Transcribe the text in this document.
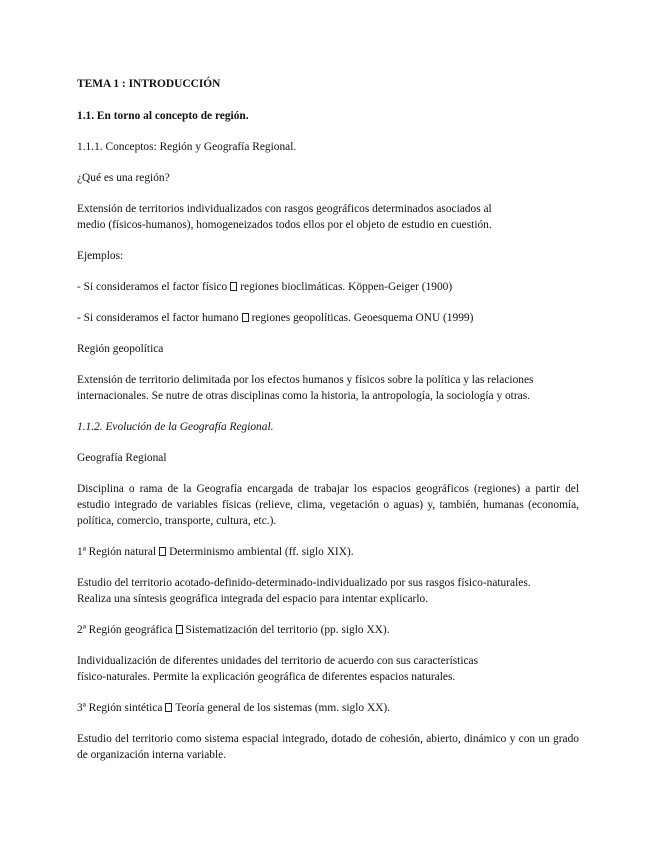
TEMA 1 : INTRODUCCIÓN

1.1. En torno al concepto de región.

1.1.1. Conceptos: Región y Geografía Regional.

¿Qué es una región?

Extensión de territorios individualizados con rasgos geográficos determinados asociados al
medio (físicos-humanos), homogeneizados todos ellos por el objeto de estudio en cuestión.

Ejemplos:

- Si consideramos el factor físico regiones bioclimáticas. Köppen-Geiger (1900)

- Si consideramos el factor humano regiones geopolíticas. Geoesquema ONU (1999)

Región geopolítica

Extensión de territorio delimitada por los efectos humanos y físicos sobre la política y las relaciones
internacionales. Se nutre de otras disciplinas como la historia, la antropología, la sociología y otras.

1.1.2. Evolución de la Geografía Regional.

Geografía Regional

Disciplina o rama de la Geografía encargada de trabajar los espacios geográficos (regiones) a partir del estudio integrado de variables físicas (relieve, clima, vegetación o aguas) y, también, humanas (economía, política, comercio, transporte, cultura, etc.).

1ª Región natural Determinismo ambiental (ff. siglo XIX).

Estudio del territorio acotado-definido-determinado-individualizado por sus rasgos físico-naturales.
Realiza una síntesis geográfica integrada del espacio para intentar explicarlo.

2ª Región geográfica Sistematización del territorio (pp. siglo XX).

Individualización de diferentes unidades del territorio de acuerdo con sus características
físico-naturales. Permite la explicación geográfica de diferentes espacios naturales.

3ª Región sintética Teoría general de los sistemas (mm. siglo XX).

Estudio del territorio como sistema espacial integrado, dotado de cohesión, abierto, dinámico y con un grado de organización interna variable.
